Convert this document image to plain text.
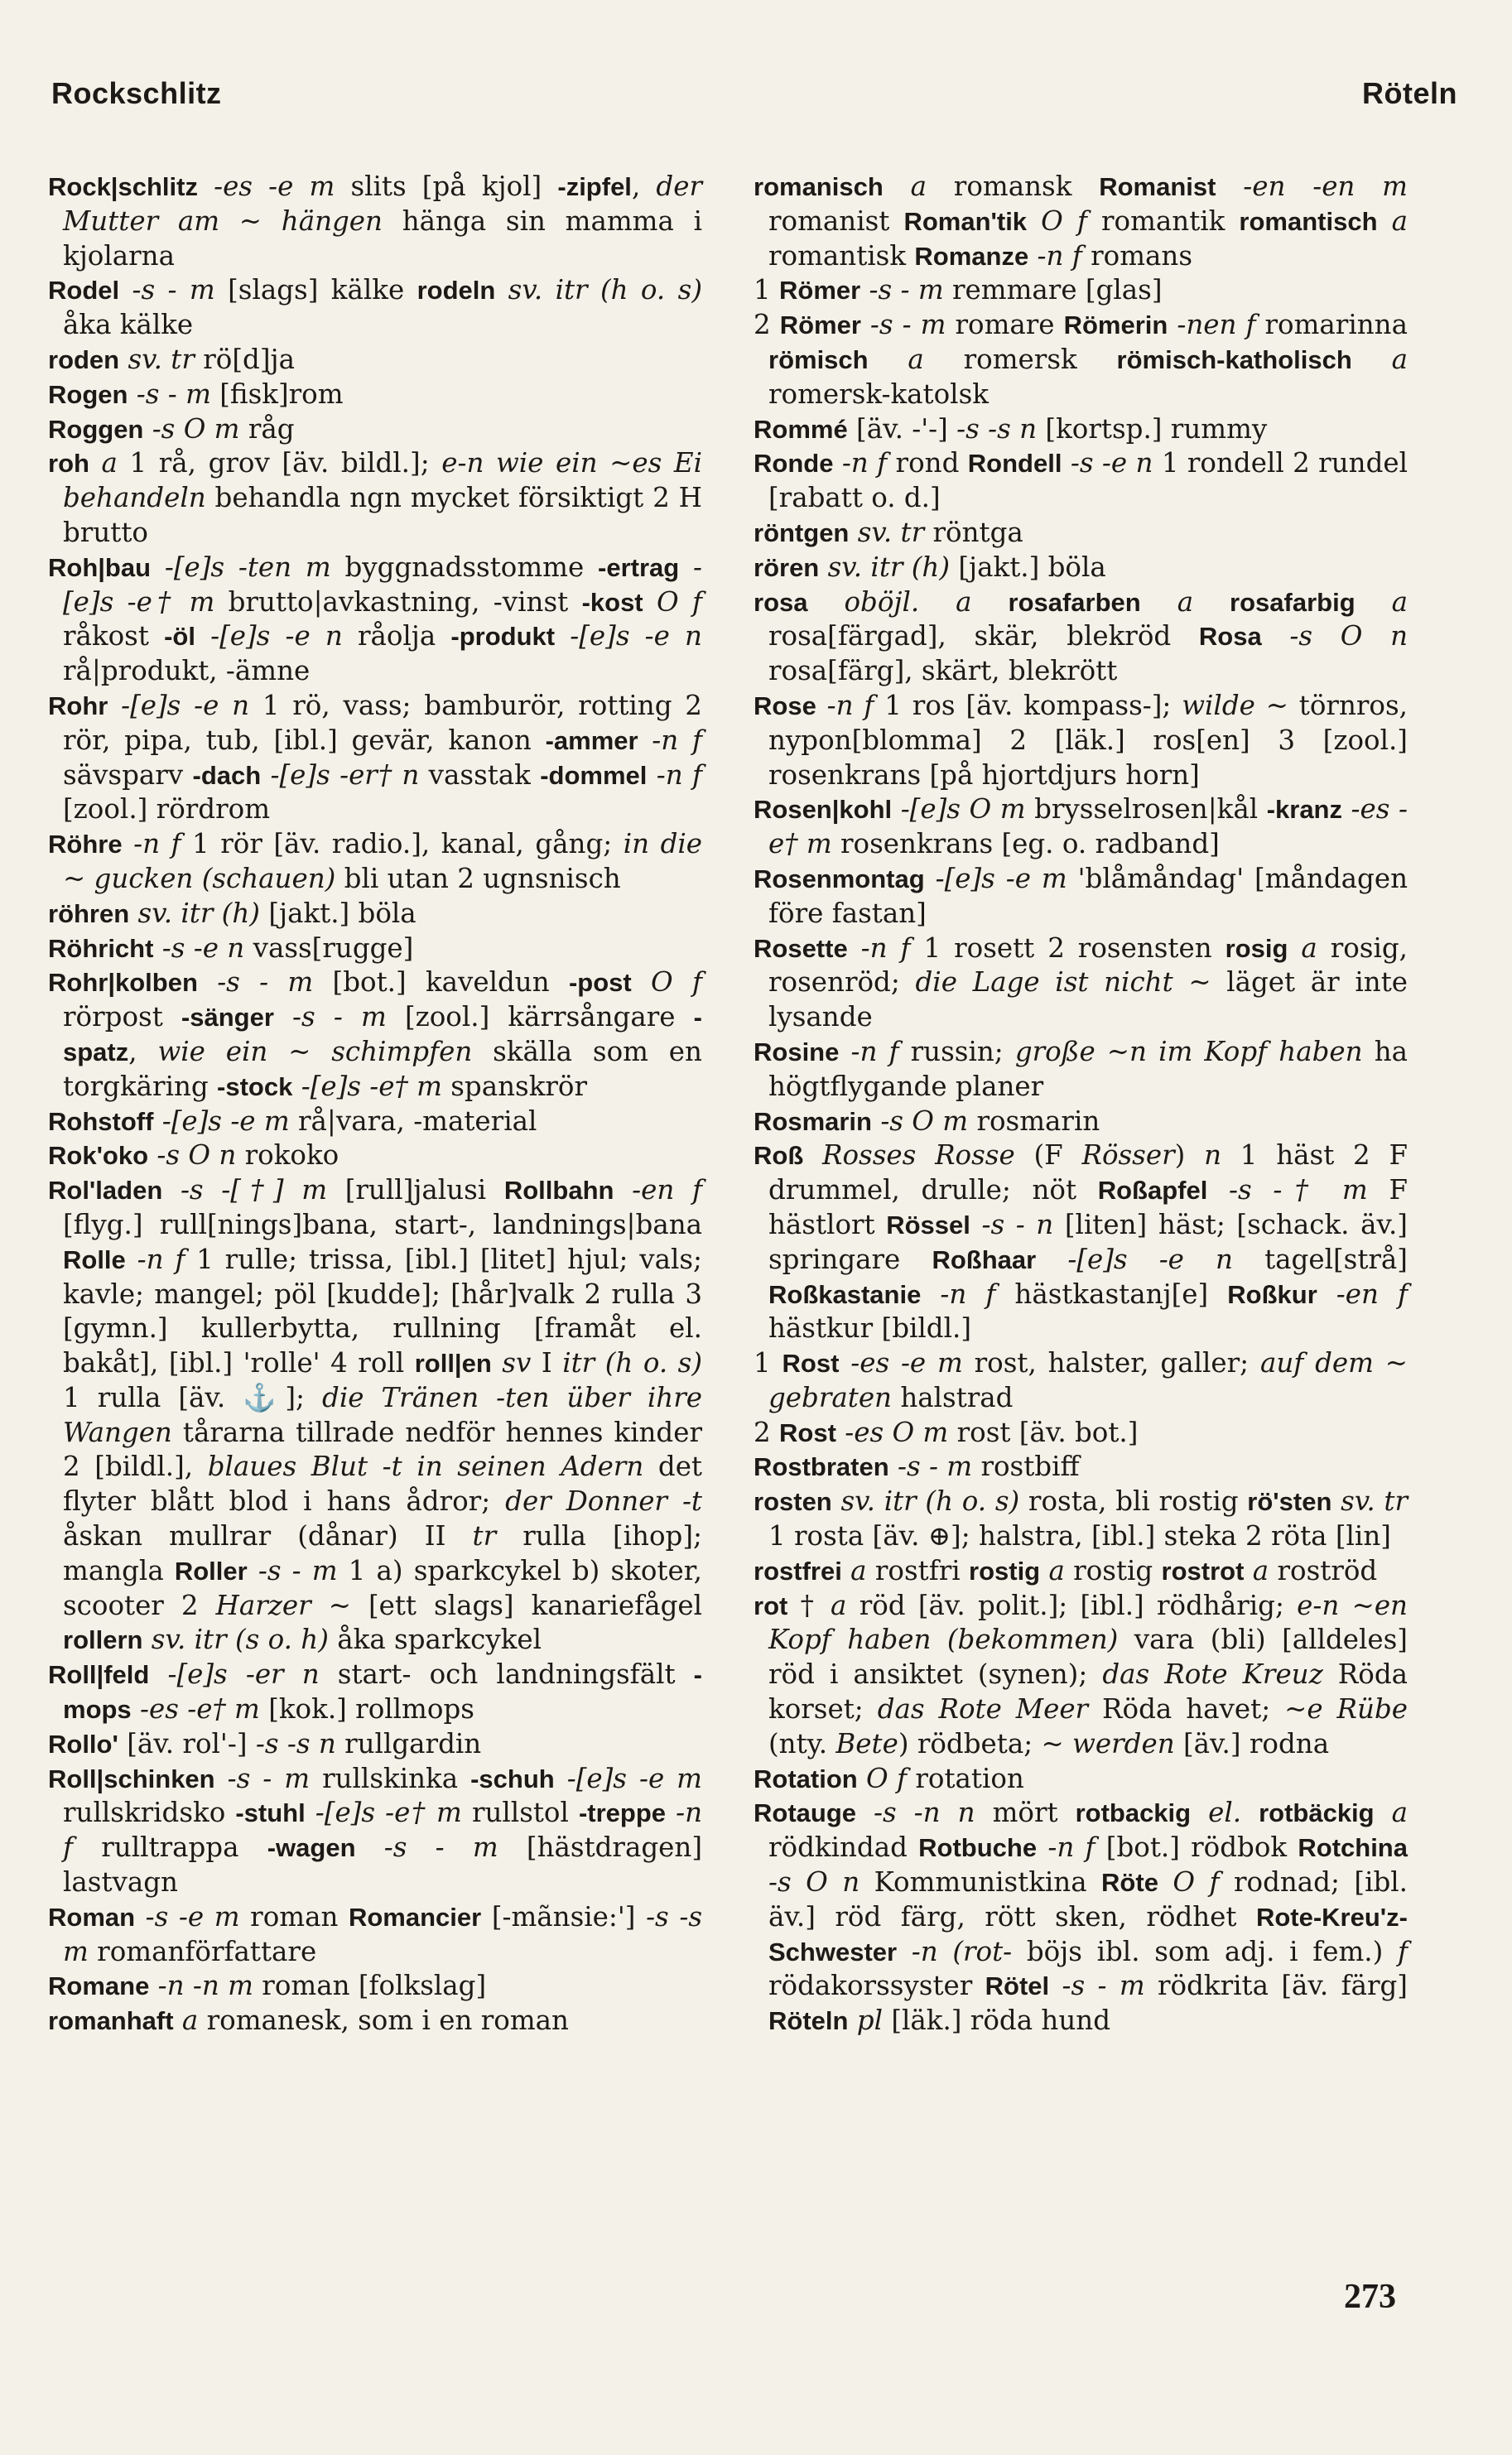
Rockschlitz	Röteln

Rock|schlitz -es -e m slits [på kjol] -zipfel, der Mutter am ~ hängen hänga sin mamma i kjolarna

Rodel -s - m [slags] kälke rodeln sv. itr (h o. s) åka kälke

roden sv. tr rö[d]ja

Rogen -s - m [fisk]rom

Roggen -s O m råg

roh a 1 rå, grov [äv. bildl.]; e-n wie ein ~es Ei behandeln behandla ngn mycket försiktigt 2 H brutto

Roh|bau -[e]s -ten m byggnadsstomme -ertrag -[e]s -e† m brutto|avkastning, -vinst -kost O f råkost -öl -[e]s -e n råolja -produkt -[e]s -e n rå|produkt, -ämne

Rohr -[e]s -e n 1 rö, vass; bamburör, rotting 2 rör, pipa, tub, [ibl.] gevär, kanon -ammer -n f sävsparv -dach -[e]s -er† n vasstak -dommel -n f [zool.] rördrom

Röhre -n f 1 rör [äv. radio.], kanal, gång; in die ~ gucken (schauen) bli utan 2 ugnsnisch

röhren sv. itr (h) [jakt.] böla

Röhricht -s -e n vass[rugge]

Rohr|kolben -s - m [bot.] kaveldun -post O f rörpost -sänger -s - m [zool.] kärrsångare -spatz, wie ein ~ schimpfen skälla som en torgkäring -stock -[e]s -e† m spanskrör

Rohstoff -[e]s -e m rå|vara, -material

Rok'oko -s O n rokoko

Rol'laden -s -[†] m [rull]jalusi Rollbahn -en f [flyg.] rull[nings]bana, start-, landnings|bana Rolle -n f 1 rulle; trissa, [ibl.] [litet] hjul; vals; kavle; mangel; pöl [kudde]; [hår]valk 2 rulla 3 [gymn.] kullerbytta, rullning [framåt el. bakåt], [ibl.] 'rolle' 4 roll roll|en sv I itr (h o. s) 1 rulla [äv. ⚓]; die Tränen -ten über ihre Wangen tårarna tillrade nedför hennes kinder 2 [bildl.], blaues Blut -t in seinen Adern det flyter blått blod i hans ådror; der Donner -t åskan mullrar (dånar) II tr rulla [ihop]; mangla Roller -s - m 1 a) sparkcykel b) skoter, scooter 2 Harzer ~ [ett slags] kanariefågel rollern sv. itr (s o. h) åka sparkcykel

Roll|feld -[e]s -er n start- och landningsfält -mops -es -e† m [kok.] rollmops

Rollo' [äv. rol'-] -s -s n rullgardin

Roll|schinken -s - m rullskinka -schuh -[e]s -e m rullskridsko -stuhl -[e]s -e† m rullstol -treppe -n f rulltrappa -wagen -s - m [hästdragen] lastvagn

Roman -s -e m roman Romancier [-mãnsie:'] -s -s m romanförfattare

Romane -n -n m roman [folkslag]

romanhaft a romanesk, som i en roman

romanisch a romansk Romanist -en -en m romanist Roman'tik O f romantik romantisch a romantisk Romanze -n f romans

1 Römer -s - m remmare [glas]

2 Römer -s - m romare Römerin -nen f romarinna römisch a romersk römisch-katholisch a romersk-katolsk

Rommé [äv. -'-] -s -s n [kortsp.] rummy

Ronde -n f rond Rondell -s -e n 1 rondell 2 rundel [rabatt o. d.]

röntgen sv. tr röntga

rören sv. itr (h) [jakt.] böla

rosa oböjl. a rosafarben a rosafarbig a rosa[färgad], skär, blekröd Rosa -s O n rosa[färg], skärt, blekrött

Rose -n f 1 ros [äv. kompass-]; wilde ~ törnros, nypon[blomma] 2 [läk.] ros[en] 3 [zool.] rosenkrans [på hjortdjurs horn]

Rosen|kohl -[e]s O m brysselrosen|kål -kranz -es -e† m rosenkrans [eg. o. radband]

Rosenmontag -[e]s -e m 'blåmåndag' [måndagen före fastan]

Rosette -n f 1 rosett 2 rosensten rosig a rosig, rosenröd; die Lage ist nicht ~ läget är inte lysande

Rosine -n f russin; große ~n im Kopf haben ha högtflygande planer

Rosmarin -s O m rosmarin

Roß Rosses Rosse (F Rösser) n 1 häst 2 F drummel, drulle; nöt Roßapfel -s -† m F hästlort Rössel -s - n [liten] häst; [schack. äv.] springare Roßhaar -[e]s -e n tagel[strå] Roßkastanie -n f hästkastanj[e] Roßkur -en f hästkur [bildl.]

1 Rost -es -e m rost, halster, galler; auf dem ~ gebraten halstrad

2 Rost -es O m rost [äv. bot.]

Rostbraten -s - m rostbiff

rosten sv. itr (h o. s) rosta, bli rostig rö'sten sv. tr 1 rosta [äv. ⊕]; halstra, [ibl.] steka 2 röta [lin]

rostfrei a rostfri rostig a rostig rostrot a roströd

rot † a röd [äv. polit.]; [ibl.] rödhårig; e-n ~en Kopf haben (bekommen) vara (bli) [alldeles] röd i ansiktet (synen); das Rote Kreuz Röda korset; das Rote Meer Röda havet; ~e Rübe (nty. Bete) rödbeta; ~ werden [äv.] rodna

Rotation O f rotation

Rotauge -s -n n mört rotbackig el. rotbäckig a rödkindad Rotbuche -n f [bot.] rödbok Rotchina -s O n Kommunistkina Röte O f rodnad; [ibl. äv.] röd färg, rött sken, rödhet Rote-Kreu'z-Schwester -n (rot- böjs ibl. som adj. i fem.) f rödakorssyster Rötel -s - m rödkrita [äv. färg] Röteln pl [läk.] röda hund

273
